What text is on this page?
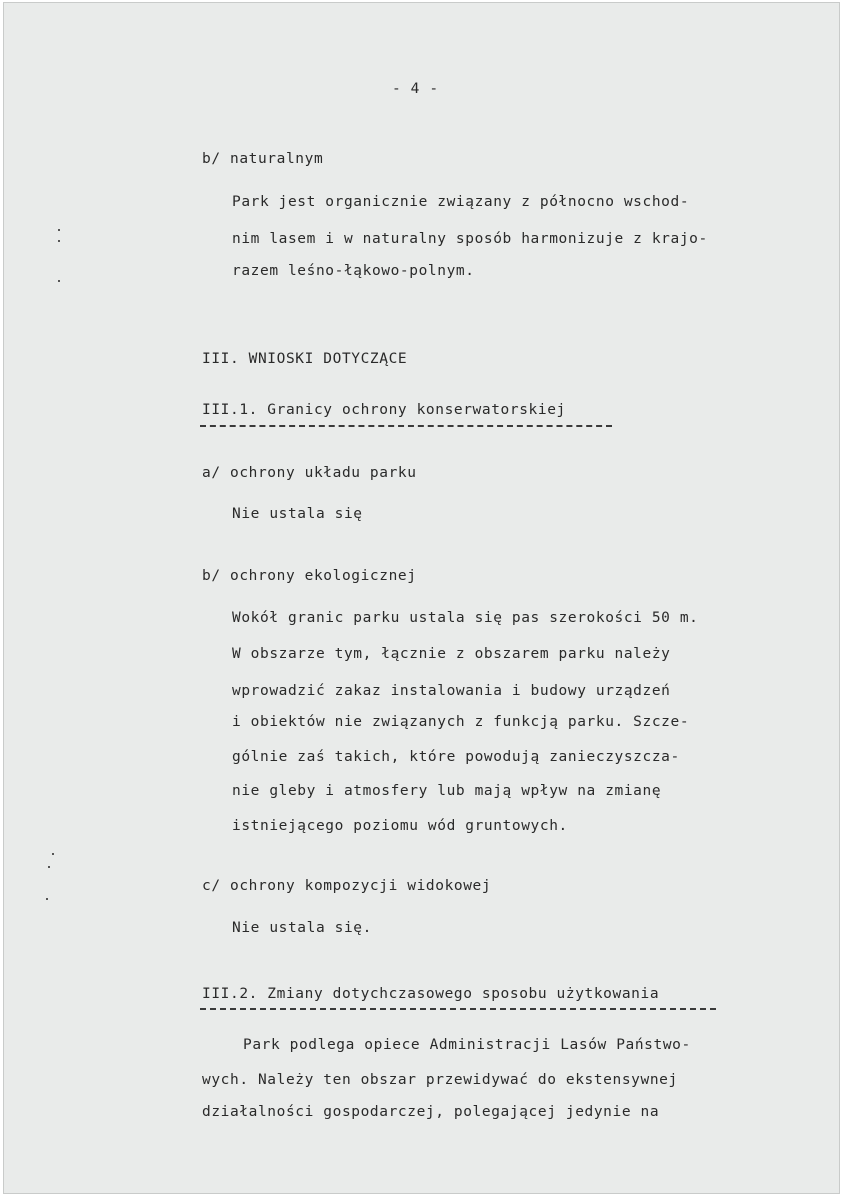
- 4 -
b/ naturalnym
Park jest organicznie związany z północno wschod-
nim lasem i w naturalny sposób harmonizuje z krajo-
razem leśno-łąkowo-polnym.
III. WNIOSKI DOTYCZĄCE
III.1. Granicy ochrony konserwatorskiej
a/ ochrony układu parku
Nie ustala się
b/ ochrony ekologicznej
Wokół granic parku ustala się pas szerokości 50 m.
W obszarze tym, łącznie z obszarem parku należy
wprowadzić zakaz instalowania i budowy urządzeń
i obiektów nie związanych z funkcją parku. Szcze-
gólnie zaś takich, które powodują zanieczyszcza-
nie gleby i atmosfery lub mają wpływ na zmianę
istniejącego poziomu wód gruntowych.
c/ ochrony kompozycji widokowej
Nie ustala się.
III.2. Zmiany dotychczasowego sposobu użytkowania
Park podlega opiece Administracji Lasów Państwo-
wych. Należy ten obszar przewidywać do ekstensywnej
działalności gospodarczej, polegającej jedynie na
